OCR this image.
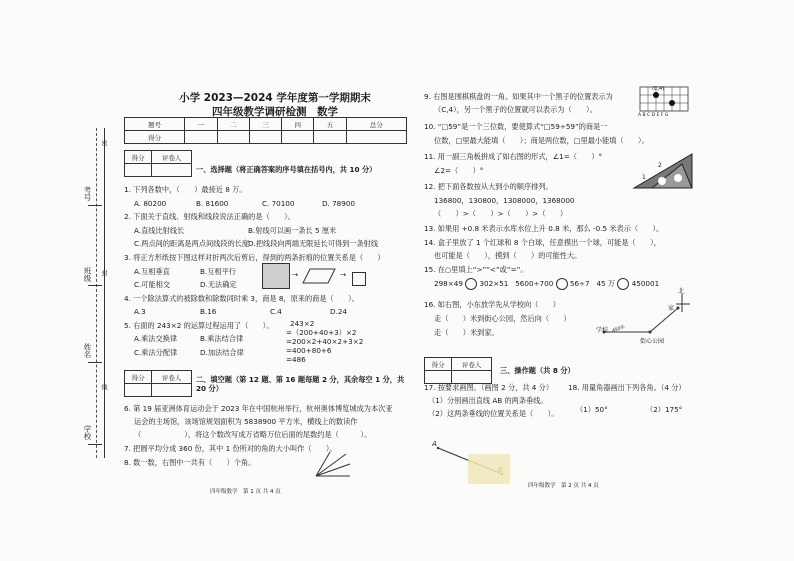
考号
班级
姓名
学校
密
封
线
小学 2023—2024 学年度第一学期期末
四年级教学调研检测　数学
题号	一	二	三	四	五	总分
得分						
得分	评卷人

一、选择题（将正确答案的序号填在括号内，共 10 分）
1. 下列各数中，（　　）最接近 8 万。
A. 80200	B. 81600	C. 70100	D. 78900
2. 下面关于直线、射线和线段说法正确的是（　　）。
A.直线比射线长	B.射线可以画一条长 5 厘米
C.两点间的距离是两点间线段的长度
D.把线段向两端无限延长可得到一条射线
3. 将正方形纸按下图这样对折两次后剪后，得到的两条折痕的位置关系是（　　）
A.互相垂直	B.互相平行
C.可能相交	D.无法确定
→	→
4. 一个除法算式的被除数和除数同时乘 3，商是 8，原来的商是（　　）。
A.3	B.16	C.4	D.24
5. 右面的 243×2 的运算过程运用了（　　）。
A.乘法交换律	B.乘法结合律
C.乘法分配律	D.加法结合律
243×2
=（200+40+3）×2
=200×2+40×2+3×2
=400+80+6
=486
得分	评卷人
	二、填空题（第 12 题、第 16 题每题 2 分，其余每空 1 分，共 20 分）
6. 第 19 届亚洲体育运动会于 2023 年在中国杭州举行，杭州奥体博览城成为本次亚
运会的主场馆，该场馆规划面积为 5838900 平方米，横线上的数读作
（　　　　　　），将这个数改写成万省略万位后面的尾数约是（　　　）。
7. 把圆平均分成 360 份，其中 1 份所对的角的大小叫作（　　）。
8. 数一数，右图中一共有（　　）个角。
四年级数学　第 1 页 共 4 页
9. 右图是围棋棋盘的一角。如果其中一个黑子的位置表示为
（C,4），另一个黑子的位置就可以表示为（　　）。
(C,4)
A B C D E F G
10. “□59”是一个三位数，要使算式“□59÷59”的商是一
位数，□里最大能填（　　）；商是两位数，□里最小能填（　　）。
11. 用一副三角板拼成了如右图的形式，∠1=（　　）°
∠2=（　　）°
1
2
12. 把下面各数按从大到小的顺序排列。
136800，130800，1308000，1368000
（　　）>（　　）>（　　）>（　　）
13. 如果用 +0.8 米表示水库水位上升 0.8 米，那么 -0.5 米表示（　　）。
14. 盒子里放了 1 个红球和 8 个白球，任意摸出一个球，可能是（　　），
也可能是（　　），摸到（　　）的可能性大。
15. 在○里填上“>”“<”或“=”。
298×49 302×51 5600÷700 56÷7 45 万 450001
16. 如右图，小东放学先从学校向（　　）
走（　　）米到街心公园，然后向（　　）
走（　　）米到家。
北
家
学校
街心公园
450米
得分	评卷人

三、操作题（共 8 分）
17. 按要求画图。（画图 2 分，共 4 分）
（1）分别画出直线 AB 的两条垂线。
（2）这两条垂线的位置关系是（　　）。
18. 用量角器画出下列各角。（4 分）
（1）50°	（2）175°
A
四年级数学　第 2 页 共 4 页
